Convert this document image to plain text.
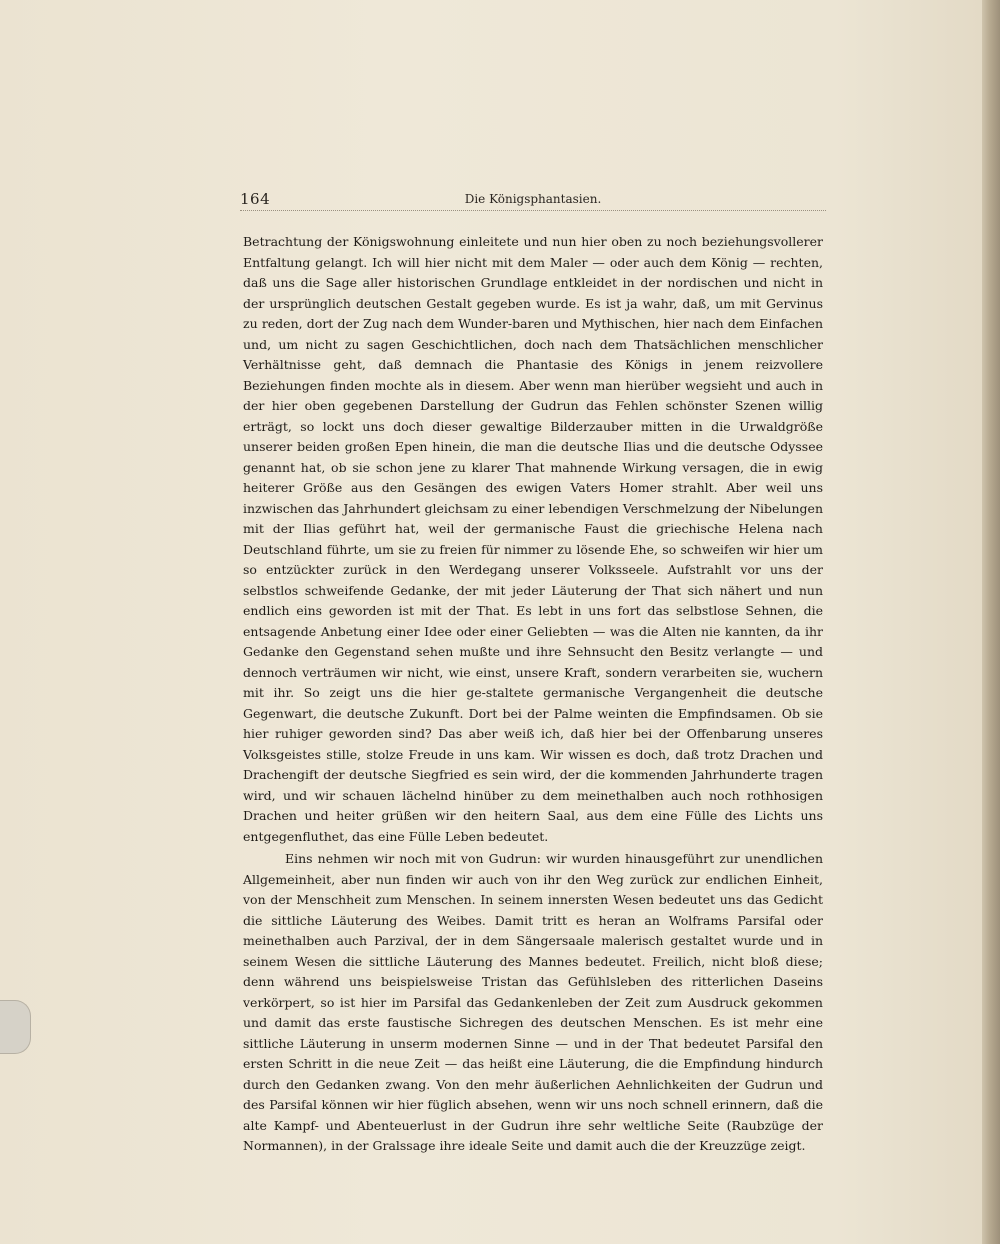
164	Die Königsphantasien.

Betrachtung der Königswohnung einleitete und nun hier oben zu noch beziehungsvollerer Entfaltung gelangt. Ich will hier nicht mit dem Maler — oder auch dem König — rechten, daß uns die Sage aller historischen Grundlage entkleidet in der nordischen und nicht in der ursprünglich deutschen Gestalt gegeben wurde. Es ist ja wahr, daß, um mit Gervinus zu reden, dort der Zug nach dem Wunder-baren und Mythischen, hier nach dem Einfachen und, um nicht zu sagen Geschichtlichen, doch nach dem Thatsächlichen menschlicher Verhältnisse geht, daß demnach die Phantasie des Königs in jenem reizvollere Beziehungen finden mochte als in diesem. Aber wenn man hierüber wegsieht und auch in der hier oben gegebenen Darstellung der Gudrun das Fehlen schönster Szenen willig erträgt, so lockt uns doch dieser gewaltige Bilderzauber mitten in die Urwaldgröße unserer beiden großen Epen hinein, die man die deutsche Ilias und die deutsche Odyssee genannt hat, ob sie schon jene zu klarer That mahnende Wirkung versagen, die in ewig heiterer Größe aus den Gesängen des ewigen Vaters Homer strahlt. Aber weil uns inzwischen das Jahrhundert gleichsam zu einer lebendigen Verschmelzung der Nibelungen mit der Ilias geführt hat, weil der germanische Faust die griechische Helena nach Deutschland führte, um sie zu freien für nimmer zu lösende Ehe, so schweifen wir hier um so entzückter zurück in den Werdegang unserer Volksseele. Aufstrahlt vor uns der selbstlos schweifende Gedanke, der mit jeder Läuterung der That sich nähert und nun endlich eins geworden ist mit der That. Es lebt in uns fort das selbstlose Sehnen, die entsagende Anbetung einer Idee oder einer Geliebten — was die Alten nie kannten, da ihr Gedanke den Gegenstand sehen mußte und ihre Sehnsucht den Besitz verlangte — und dennoch verträumen wir nicht, wie einst, unsere Kraft, sondern verarbeiten sie, wuchern mit ihr. So zeigt uns die hier ge-staltete germanische Vergangenheit die deutsche Gegenwart, die deutsche Zukunft. Dort bei der Palme weinten die Empfindsamen. Ob sie hier ruhiger geworden sind? Das aber weiß ich, daß hier bei der Offenbarung unseres Volksgeistes stille, stolze Freude in uns kam. Wir wissen es doch, daß trotz Drachen und Drachengift der deutsche Siegfried es sein wird, der die kommenden Jahrhunderte tragen wird, und wir schauen lächelnd hinüber zu dem meinethalben auch noch rothhosigen Drachen und heiter grüßen wir den heitern Saal, aus dem eine Fülle des Lichts uns entgegenfluthet, das eine Fülle Leben bedeutet.

Eins nehmen wir noch mit von Gudrun: wir wurden hinausgeführt zur unendlichen Allgemeinheit, aber nun finden wir auch von ihr den Weg zurück zur endlichen Einheit, von der Menschheit zum Menschen. In seinem innersten Wesen bedeutet uns das Gedicht die sittliche Läuterung des Weibes. Damit tritt es heran an Wolframs Parsifal oder meinethalben auch Parzival, der in dem Sängersaale malerisch gestaltet wurde und in seinem Wesen die sittliche Läuterung des Mannes bedeutet. Freilich, nicht bloß diese; denn während uns beispielsweise Tristan das Gefühlsleben des ritterlichen Daseins verkörpert, so ist hier im Parsifal das Gedankenleben der Zeit zum Ausdruck gekommen und damit das erste faustische Sichregen des deutschen Menschen. Es ist mehr eine sittliche Läuterung in unserm modernen Sinne — und in der That bedeutet Parsifal den ersten Schritt in die neue Zeit — das heißt eine Läuterung, die die Empfindung hindurch durch den Gedanken zwang. Von den mehr äußerlichen Aehnlichkeiten der Gudrun und des Parsifal können wir hier füglich absehen, wenn wir uns noch schnell erinnern, daß die alte Kampf- und Abenteuerlust in der Gudrun ihre sehr weltliche Seite (Raubzüge der Normannen), in der Gralssage ihre ideale Seite und damit auch die der Kreuzzüge zeigt.
